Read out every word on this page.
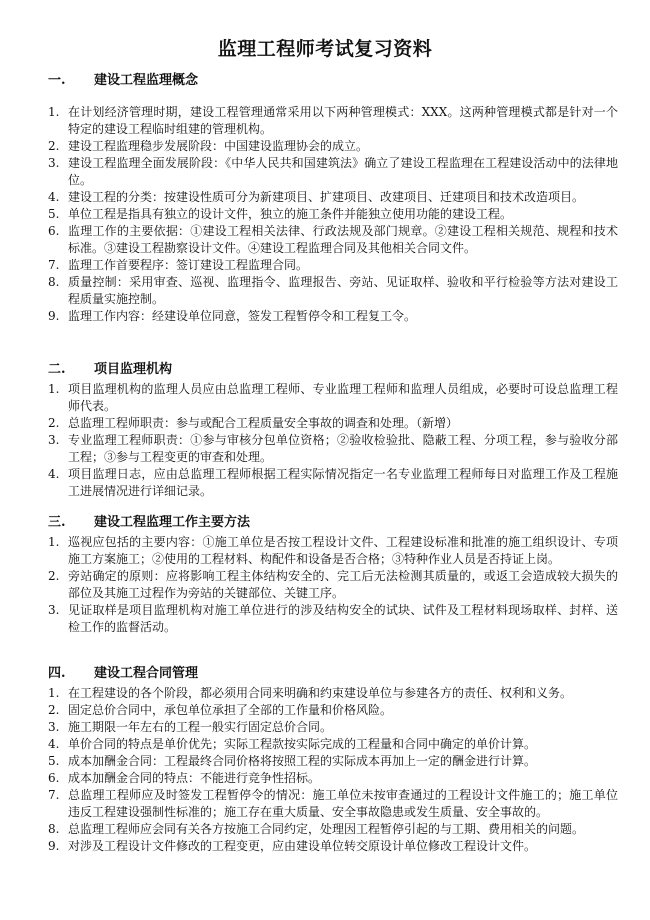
监理工程师考试复习资料
一. 建设工程监理概念
1. 在计划经济管理时期，建设工程管理通常采用以下两种管理模式：XXX。这两种管理模式都是针对一个特定的建设工程临时组建的管理机构。
2. 建设工程监理稳步发展阶段：中国建设监理协会的成立。
3. 建设工程监理全面发展阶段：《中华人民共和国建筑法》确立了建设工程监理在工程建设活动中的法律地位。
4. 建设工程的分类：按建设性质可分为新建项目、扩建项目、改建项目、迁建项目和技术改造项目。
5. 单位工程是指具有独立的设计文件，独立的施工条件并能独立使用功能的建设工程。
6. 监理工作的主要依据：①建设工程相关法律、行政法规及部门规章。②建设工程相关规范、规程和技术标准。③建设工程勘察设计文件。④建设工程监理合同及其他相关合同文件。
7. 监理工作首要程序：签订建设工程监理合同。
8. 质量控制：采用审查、巡视、监理指令、监理报告、旁站、见证取样、验收和平行检验等方法对建设工程质量实施控制。
9. 监理工作内容：经建设单位同意，签发工程暂停令和工程复工令。
二. 项目监理机构
1. 项目监理机构的监理人员应由总监理工程师、专业监理工程师和监理人员组成，必要时可设总监理工程师代表。
2. 总监理工程师职责：参与或配合工程质量安全事故的调查和处理。（新增）
3. 专业监理工程师职责：①参与审核分包单位资格；②验收检验批、隐蔽工程、分项工程，参与验收分部工程；③参与工程变更的审查和处理。
4. 项目监理日志，应由总监理工程师根据工程实际情况指定一名专业监理工程师每日对监理工作及工程施工进展情况进行详细记录。
三. 建设工程监理工作主要方法
1. 巡视应包括的主要内容：①施工单位是否按工程设计文件、工程建设标准和批准的施工组织设计、专项施工方案施工；②使用的工程材料、构配件和设备是否合格；③特种作业人员是否持证上岗。
2. 旁站确定的原则：应将影响工程主体结构安全的、完工后无法检测其质量的，或返工会造成较大损失的部位及其施工过程作为旁站的关键部位、关键工序。
3. 见证取样是项目监理机构对施工单位进行的涉及结构安全的试块、试件及工程材料现场取样、封样、送检工作的监督活动。
四. 建设工程合同管理
1. 在工程建设的各个阶段，都必须用合同来明确和约束建设单位与参建各方的责任、权利和义务。
2. 固定总价合同中，承包单位承担了全部的工作量和价格风险。
3. 施工期限一年左右的工程一般实行固定总价合同。
4. 单价合同的特点是单价优先；实际工程款按实际完成的工程量和合同中确定的单价计算。
5. 成本加酬金合同：工程最终合同价格将按照工程的实际成本再加上一定的酬金进行计算。
6. 成本加酬金合同的特点：不能进行竞争性招标。
7. 总监理工程师应及时签发工程暂停令的情况：施工单位未按审查通过的工程设计文件施工的；施工单位违反工程建设强制性标准的；施工存在重大质量、安全事故隐患或发生质量、安全事故的。
8. 总监理工程师应会同有关各方按施工合同约定，处理因工程暂停引起的与工期、费用相关的问题。
9. 对涉及工程设计文件修改的工程变更，应由建设单位转交原设计单位修改工程设计文件。
